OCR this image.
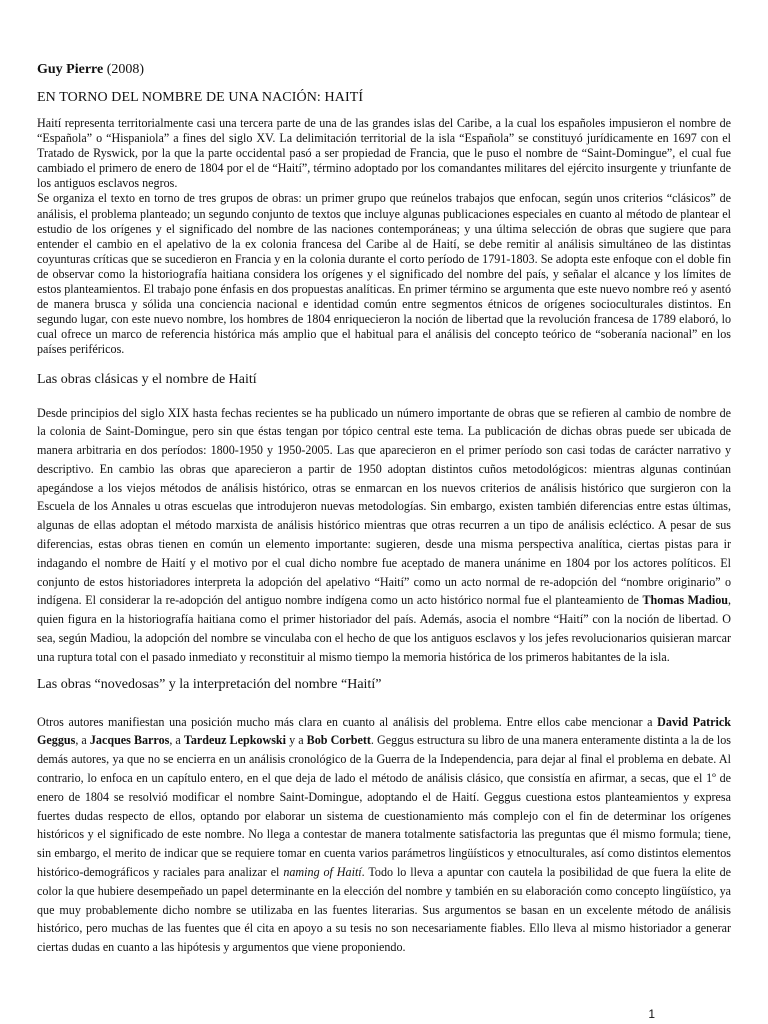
Guy Pierre (2008)
EN TORNO DEL NOMBRE DE UNA NACIÓN: HAITÍ

Haití representa territorialmente casi una tercera parte de una de las grandes islas del Caribe, a la cual los españoles impusieron el nombre de “Española” o “Hispaniola” a fines del siglo XV. La delimitación territorial de la isla “Española” se constituyó jurídicamente en 1697 con el Tratado de Ryswick, por la que la parte occidental pasó a ser propiedad de Francia, que le puso el nombre de “Saint-Domingue”, el cual fue cambiado el primero de enero de 1804 por el de “Haití”, término adoptado por los comandantes militares del ejército insurgente y triunfante de los antiguos esclavos negros.

Se organiza el texto en torno de tres grupos de obras: un primer grupo que reúnelos trabajos que enfocan, según unos criterios “clásicos” de análisis, el problema planteado; un segundo conjunto de textos que incluye algunas publicaciones especiales en cuanto al método de plantear el estudio de los orígenes y el significado del nombre de las naciones contemporáneas; y una última selección de obras que sugiere que para entender el cambio en el apelativo de la ex colonia francesa del Caribe al de Haití, se debe remitir al análisis simultáneo de las distintas coyunturas críticas que se sucedieron en Francia y en la colonia durante el corto período de 1791-1803. Se adopta este enfoque con el doble fin de observar como la historiografía haitiana considera los orígenes y el significado del nombre del país, y señalar el alcance y los límites de estos planteamientos. El trabajo pone énfasis en dos propuestas analíticas. En primer término se argumenta que este nuevo nombre reó y asentó de manera brusca y sólida una conciencia nacional e identidad común entre segmentos étnicos de orígenes socioculturales distintos. En segundo lugar, con este nuevo nombre, los hombres de 1804 enriquecieron la noción de libertad que la revolución francesa de 1789 elaboró, lo cual ofrece un marco de referencia histórica más amplio que el habitual para el análisis del concepto teórico de “soberanía nacional” en los países periféricos.

Las obras clásicas y el nombre de Haití

Desde principios del siglo XIX hasta fechas recientes se ha publicado un número importante de obras que se refieren al cambio de nombre de la colonia de Saint-Domingue, pero sin que éstas tengan por tópico central este tema. La publicación de dichas obras puede ser ubicada de manera arbitraria en dos períodos: 1800-1950 y 1950-2005. Las que aparecieron en el primer período son casi todas de carácter narrativo y descriptivo. En cambio las obras que aparecieron a partir de 1950 adoptan distintos cuños metodológicos: mientras algunas continúan apegándose a los viejos métodos de análisis histórico, otras se enmarcan en los nuevos criterios de análisis histórico que surgieron con la Escuela de los Annales u otras escuelas que introdujeron nuevas metodologías. Sin embargo, existen también diferencias entre estas últimas, algunas de ellas adoptan el método marxista de análisis histórico mientras que otras recurren a un tipo de análisis ecléctico. A pesar de sus diferencias, estas obras tienen en común un elemento importante: sugieren, desde una misma perspectiva analítica, ciertas pistas para ir indagando el nombre de Haití y el motivo por el cual dicho nombre fue aceptado de manera unánime en 1804 por los actores políticos. El conjunto de estos historiadores interpreta la adopción del apelativo “Haití” como un acto normal de re-adopción del “nombre originario” o indígena. El considerar la re-adopción del antiguo nombre indígena como un acto histórico normal fue el planteamiento de Thomas Madiou, quien figura en la historiografía haitiana como el primer historiador del país. Además, asocia el nombre “Haití” con la noción de libertad. O sea, según Madiou, la adopción del nombre se vinculaba con el hecho de que los antiguos esclavos y los jefes revolucionarios quisieran marcar una ruptura total con el pasado inmediato y reconstituir al mismo tiempo la memoria histórica de los primeros habitantes de la isla.

Las obras “novedosas” y la interpretación del nombre “Haití”

Otros autores manifiestan una posición mucho más clara en cuanto al análisis del problema. Entre ellos cabe mencionar a David Patrick Geggus, a Jacques Barros, a Tardeuz Lepkowski y a Bob Corbett. Geggus estructura su libro de una manera enteramente distinta a la de los demás autores, ya que no se encierra en un análisis cronológico de la Guerra de la Independencia, para dejar al final el problema en debate. Al contrario, lo enfoca en un capítulo entero, en el que deja de lado el método de análisis clásico, que consistía en afirmar, a secas, que el 1º de enero de 1804 se resolvió modificar el nombre Saint-Domingue, adoptando el de Haití. Geggus cuestiona estos planteamientos y expresa fuertes dudas respecto de ellos, optando por elaborar un sistema de cuestionamiento más complejo con el fin de determinar los orígenes históricos y el significado de este nombre. No llega a contestar de manera totalmente satisfactoria las preguntas que él mismo formula; tiene, sin embargo, el merito de indicar que se requiere tomar en cuenta varios parámetros lingüísticos y etnoculturales, así como distintos elementos histórico-demográficos y raciales para analizar el naming of Haití. Todo lo lleva a apuntar con cautela la posibilidad de que fuera la elite de color la que hubiere desempeñado un papel determinante en la elección del nombre y también en su elaboración como concepto lingüístico, ya que muy probablemente dicho nombre se utilizaba en las fuentes literarias. Sus argumentos se basan en un excelente método de análisis histórico, pero muchas de las fuentes que él cita en apoyo a su tesis no son necesariamente fiables. Ello lleva al mismo historiador a generar ciertas dudas en cuanto a las hipótesis y argumentos que viene proponiendo.

1
